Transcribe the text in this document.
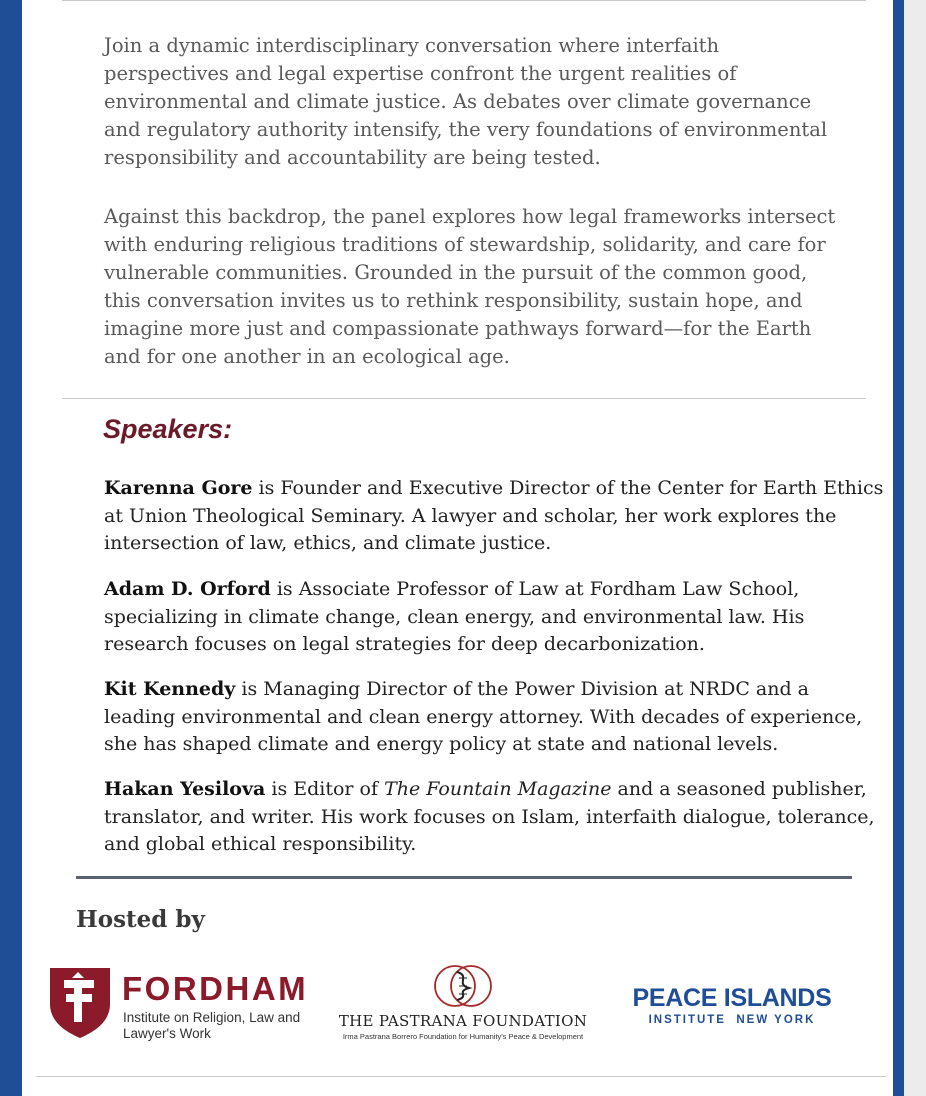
Join a dynamic interdisciplinary conversation where interfaith perspectives and legal expertise confront the urgent realities of environmental and climate justice. As debates over climate governance and regulatory authority intensify, the very foundations of environmental responsibility and accountability are being tested.

Against this backdrop, the panel explores how legal frameworks intersect with enduring religious traditions of stewardship, solidarity, and care for vulnerable communities. Grounded in the pursuit of the common good, this conversation invites us to rethink responsibility, sustain hope, and imagine more just and compassionate pathways forward—for the Earth and for one another in an ecological age.

Speakers:

Karenna Gore is Founder and Executive Director of the Center for Earth Ethics at Union Theological Seminary. A lawyer and scholar, her work explores the intersection of law, ethics, and climate justice.

Adam D. Orford is Associate Professor of Law at Fordham Law School, specializing in climate change, clean energy, and environmental law. His research focuses on legal strategies for deep decarbonization.

Kit Kennedy is Managing Director of the Power Division at NRDC and a leading environmental and clean energy attorney. With decades of experience, she has shaped climate and energy policy at state and national levels.

Hakan Yesilova is Editor of The Fountain Magazine and a seasoned publisher, translator, and writer. His work focuses on Islam, interfaith dialogue, tolerance, and global ethical responsibility.

Hosted by
FORDHAM
Institute on Religion, Law and Lawyer's Work
THE PASTRANA FOUNDATION
Irma Pastrana Borrero Foundation for Humanity's Peace & Development
PEACE ISLANDS
INSTITUTE  NEW YORK
